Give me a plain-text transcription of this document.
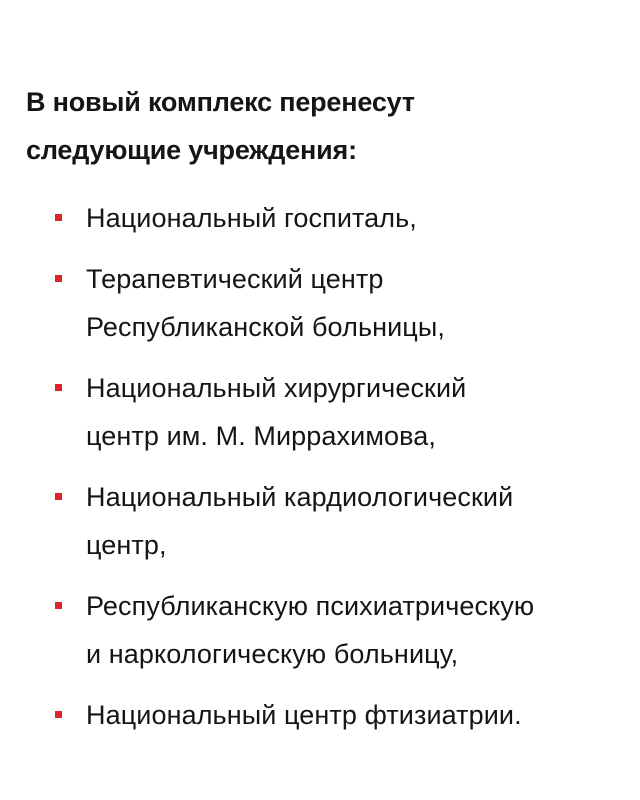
В новый комплекс перенесут
следующие учреждения:
Национальный госпиталь,
Терапевтический центр
Республиканской больницы,
Национальный хирургический
центр им. М. Миррахимова,
Национальный кардиологический
центр,
Республиканскую психиатрическую
и наркологическую больницу,
Национальный центр фтизиатрии.
